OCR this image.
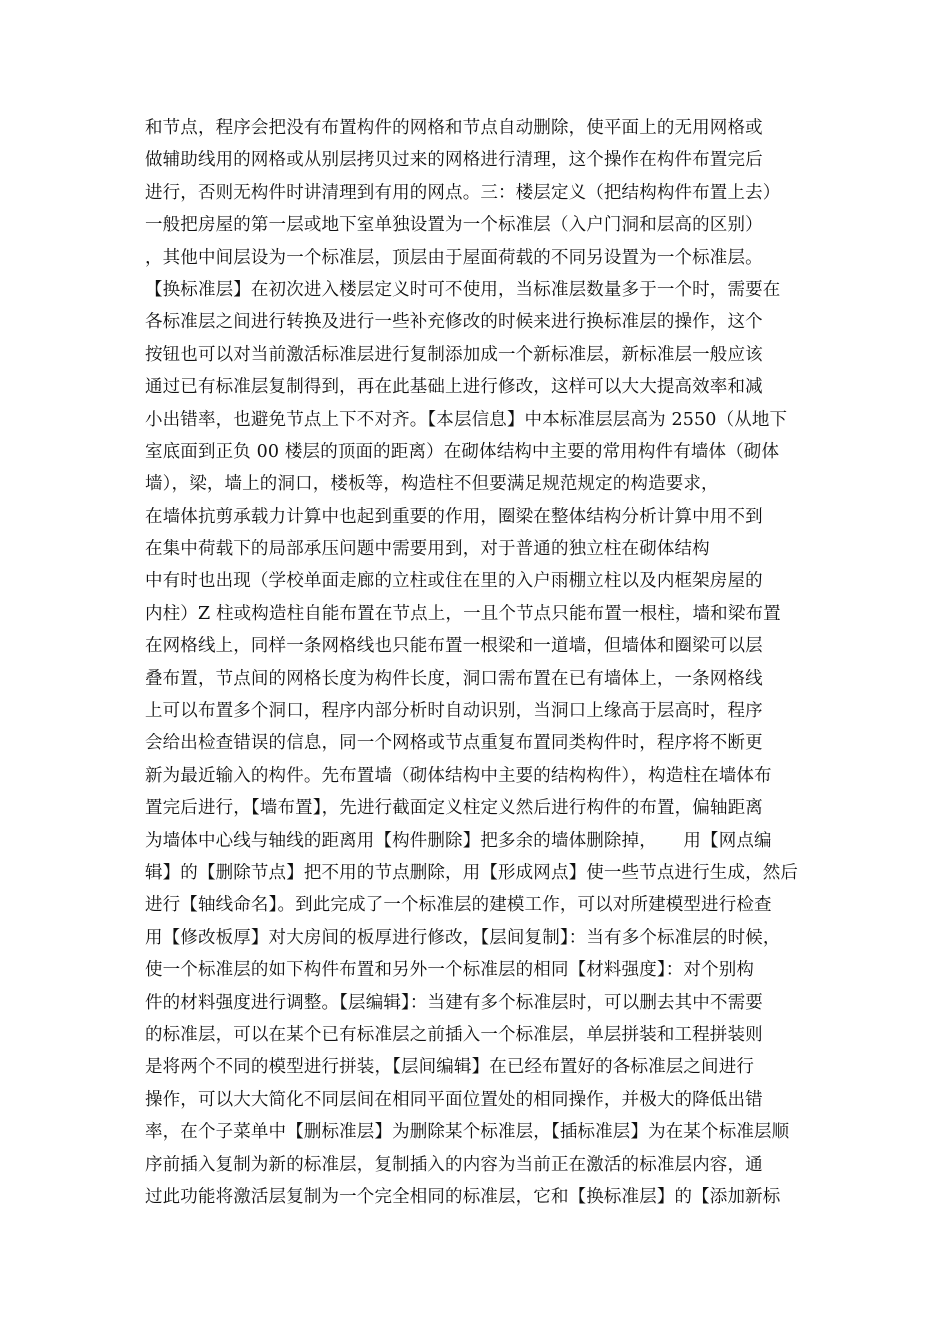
和节点，程序会把没有布置构件的网格和节点自动删除，使平面上的无用网格或
做辅助线用的网格或从别层拷贝过来的网格进行清理，这个操作在构件布置完后
进行，否则无构件时讲清理到有用的网点。三：楼层定义（把结构构件布置上去）
一般把房屋的第一层或地下室单独设置为一个标准层（入户门洞和层高的区别）
，其他中间层设为一个标准层，顶层由于屋面荷载的不同另设置为一个标准层。
【换标准层】在初次进入楼层定义时可不使用，当标准层数量多于一个时，需要在
各标准层之间进行转换及进行一些补充修改的时候来进行换标准层的操作，这个
按钮也可以对当前激活标准层进行复制添加成一个新标准层，新标准层一般应该
通过已有标准层复制得到，再在此基础上进行修改，这样可以大大提高效率和减
小出错率，也避免节点上下不对齐。【本层信息】中本标准层层高为 2550（从地下
室底面到正负 00 楼层的顶面的距离）在砌体结构中主要的常用构件有墙体（砌体
墙），梁，墙上的洞口，楼板等，构造柱不但要满足规范规定的构造要求，
在墙体抗剪承载力计算中也起到重要的作用，圈梁在整体结构分析计算中用不到
在集中荷载下的局部承压问题中需要用到，对于普通的独立柱在砌体结构
中有时也出现（学校单面走廊的立柱或住在里的入户雨棚立柱以及内框架房屋的
内柱）Z 柱或构造柱自能布置在节点上，一且个节点只能布置一根柱，墙和梁布置
在网格线上，同样一条网格线也只能布置一根梁和一道墙，但墙体和圈梁可以层
叠布置，节点间的网格长度为构件长度，洞口需布置在已有墙体上，一条网格线
上可以布置多个洞口，程序内部分析时自动识别，当洞口上缘高于层高时，程序
会给出检查错误的信息，同一个网格或节点重复布置同类构件时，程序将不断更
新为最近输入的构件。先布置墙（砌体结构中主要的结构构件），构造柱在墙体布
置完后进行，【墙布置】，先进行截面定义柱定义然后进行构件的布置，偏轴距离
为墙体中心线与轴线的距离用【构件删除】把多余的墙体删除掉，　　用【网点编
辑】的【删除节点】把不用的节点删除，用【形成网点】使一些节点进行生成，然后
进行【轴线命名】。到此完成了一个标准层的建模工作，可以对所建模型进行检查
用【修改板厚】对大房间的板厚进行修改，【层间复制】：当有多个标准层的时候，
使一个标准层的如下构件布置和另外一个标准层的相同【材料强度】：对个别构
件的材料强度进行调整。【层编辑】：当建有多个标准层时，可以删去其中不需要
的标准层，可以在某个已有标准层之前插入一个标准层，单层拼装和工程拼装则
是将两个不同的模型进行拼装，【层间编辑】在已经布置好的各标准层之间进行
操作，可以大大简化不同层间在相同平面位置处的相同操作，并极大的降低出错
率，在个子菜单中【删标准层】为删除某个标准层，【插标准层】为在某个标准层顺
序前插入复制为新的标准层，复制插入的内容为当前正在激活的标准层内容，通
过此功能将激活层复制为一个完全相同的标准层，它和【换标准层】的【添加新标
